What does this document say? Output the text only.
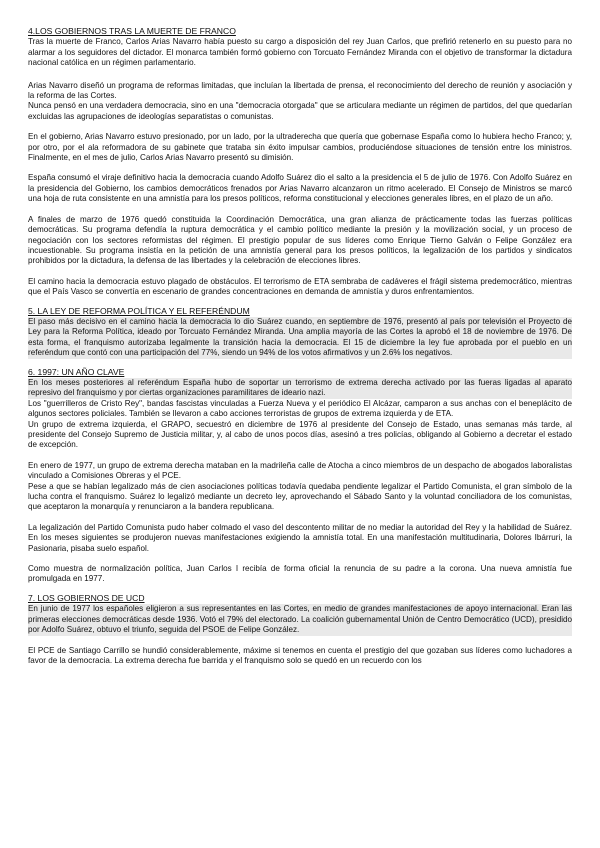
4.LOS GOBIERNOS TRAS LA MUERTE DE FRANCO

Tras la muerte de Franco, Carlos Arias Navarro había puesto su cargo a disposición del rey Juan Carlos, que prefirió retenerlo en su puesto para no alarmar a los seguidores del dictador. El monarca también formó gobierno con Torcuato Fernández Miranda con el objetivo de transformar la dictadura nacional católica en un régimen parlamentario.

Arias Navarro diseñó un programa de reformas limitadas, que incluían la libertada de prensa, el reconocimiento del derecho de reunión y asociación y la reforma de las Cortes.

Nunca pensó en una verdadera democracia, sino en una "democracia otorgada" que se articulara mediante un régimen de partidos, del que quedarían excluidas las agrupaciones de ideologías separatistas o comunistas.

En el gobierno, Arias Navarro estuvo presionado, por un lado, por la ultraderecha que quería que gobernase España como lo hubiera hecho Franco; y, por otro, por el ala reformadora de su gabinete que trataba sin éxito impulsar cambios, produciéndose situaciones de tensión entre los ministros. Finalmente, en el mes de julio, Carlos Arias Navarro presentó su dimisión.

España consumó el viraje definitivo hacia la democracia cuando Adolfo Suárez dio el salto a la presidencia el 5 de julio de 1976. Con Adolfo Suárez en la presidencia del Gobierno, los cambios democráticos frenados por Arias Navarro alcanzaron un ritmo acelerado. El Consejo de Ministros se marcó una hoja de ruta consistente en una amnistía para los presos políticos, reforma constitucional y elecciones generales libres, en el plazo de un año.

A finales de marzo de 1976 quedó constituida la Coordinación Democrática, una gran alianza de prácticamente todas las fuerzas políticas democráticas. Su programa defendía la ruptura democrática y el cambio político mediante la presión y la movilización social, y un proceso de negociación con los sectores reformistas del régimen. El prestigio popular de sus líderes como Enrique Tierno Galván o Felipe González era incuestionable. Su programa insistía en la petición de una amnistía general para los presos políticos, la legalización de los partidos y sindicatos prohibidos por la dictadura, la defensa de las libertades y la celebración de elecciones libres.

El camino hacia la democracia estuvo plagado de obstáculos. El terrorismo de ETA sembraba de cadáveres el frágil sistema predemocrático, mientras que el País Vasco se convertía en escenario de grandes concentraciones en demanda de amnistía y duros enfrentamientos.

5. LA LEY DE REFORMA POLÍTICA Y EL REFERÉNDUM

El paso más decisivo en el camino hacia la democracia lo dio Suárez cuando, en septiembre de 1976, presentó al país por televisión el Proyecto de Ley para la Reforma Política, ideado por Torcuato Fernández Miranda. Una amplia mayoría de las Cortes la aprobó el 18 de noviembre de 1976. De esta forma, el franquismo autorizaba legalmente la transición hacia la democracia. El 15 de diciembre la ley fue aprobada por el pueblo en un referéndum que contó con una participación del 77%, siendo un 94% de los votos afirmativos y un 2.6% los negativos.

6. 1997: UN AÑO CLAVE

En los meses posteriores al referéndum España hubo de soportar un terrorismo de extrema derecha activado por las fueras ligadas al aparato represivo del franquismo y por ciertas organizaciones paramilitares de ideario nazi.

Los "guerrilleros de Cristo Rey", bandas fascistas vinculadas a Fuerza Nueva y el periódico El Alcázar, camparon a sus anchas con el beneplácito de algunos sectores policiales. También se llevaron a cabo acciones terroristas de grupos de extrema izquierda y de ETA.

Un grupo de extrema izquierda, el GRAPO, secuestró en diciembre de 1976 al presidente del Consejo de Estado, unas semanas más tarde, al presidente del Consejo Supremo de Justicia militar, y, al cabo de unos pocos días, asesinó a tres policías, obligando al Gobierno a decretar el estado de excepción.

En enero de 1977, un grupo de extrema derecha mataban en la madrileña calle de Atocha a cinco miembros de un despacho de abogados laboralistas vinculado a Comisiones Obreras y el PCE.

Pese a que se habían legalizado más de cien asociaciones políticas todavía quedaba pendiente legalizar el Partido Comunista, el gran símbolo de la lucha contra el franquismo. Suárez lo legalizó mediante un decreto ley, aprovechando el Sábado Santo y la voluntad conciliadora de los comunistas, que aceptaron la monarquía y renunciaron a la bandera republicana.

La legalización del Partido Comunista pudo haber colmado el vaso del descontento militar de no mediar la autoridad del Rey y la habilidad de Suárez. En los meses siguientes se produjeron nuevas manifestaciones exigiendo la amnistía total. En una manifestación multitudinaria, Dolores Ibárruri, la Pasionaria, pisaba suelo español.

Como muestra de normalización política, Juan Carlos I recibía de forma oficial la renuncia de su padre a la corona. Una nueva amnistía fue promulgada en 1977.

7. LOS GOBIERNOS DE UCD

En junio de 1977 los españoles eligieron a sus representantes en las Cortes, en medio de grandes manifestaciones de apoyo internacional. Eran las primeras elecciones democráticas desde 1936. Votó el 79% del electorado. La coalición gubernamental Unión de Centro Democrático (UCD), presidido por Adolfo Suárez, obtuvo el triunfo, seguida del PSOE de Felipe González.

El PCE de Santiago Carrillo se hundió considerablemente, máxime si tenemos en cuenta el prestigio del que gozaban sus líderes como luchadores a favor de la democracia. La extrema derecha fue barrida y el franquismo solo se quedó en un recuerdo con los
